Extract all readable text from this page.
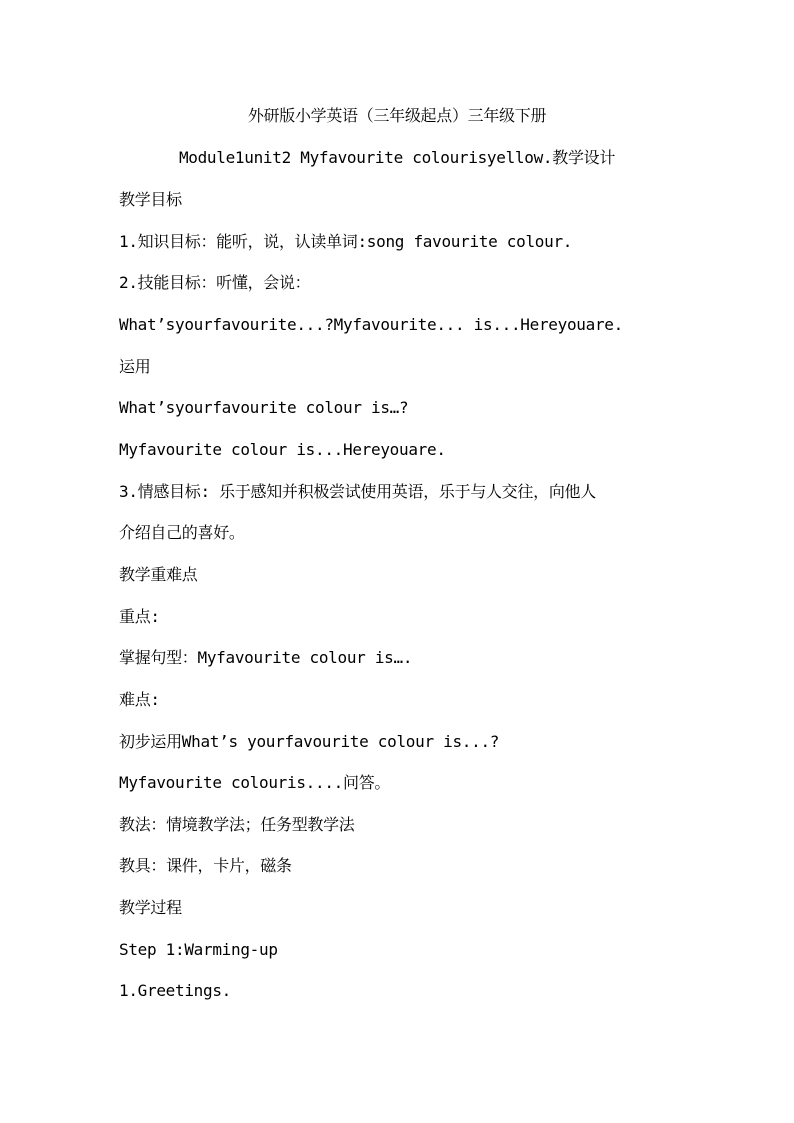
外研版小学英语（三年级起点）三年级下册
Module1unit2 Myfavourite colourisyellow.教学设计
教学目标
1.知识目标：能听，说，认读单词:song favourite colour.
2.技能目标：听懂，会说：
What’syourfavourite...?Myfavourite... is...Hereyouare.
运用
What’syourfavourite colour is…?
Myfavourite colour is...Hereyouare.
3.情感目标: 乐于感知并积极尝试使用英语，乐于与人交往，向他人
介绍自己的喜好。
教学重难点
重点:
掌握句型：Myfavourite colour is….
难点:
初步运用What’s yourfavourite colour is...?
Myfavourite colouris....问答。
教法：情境教学法；任务型教学法
教具：课件，卡片，磁条
教学过程
Step 1:Warming-up
1.Greetings.
